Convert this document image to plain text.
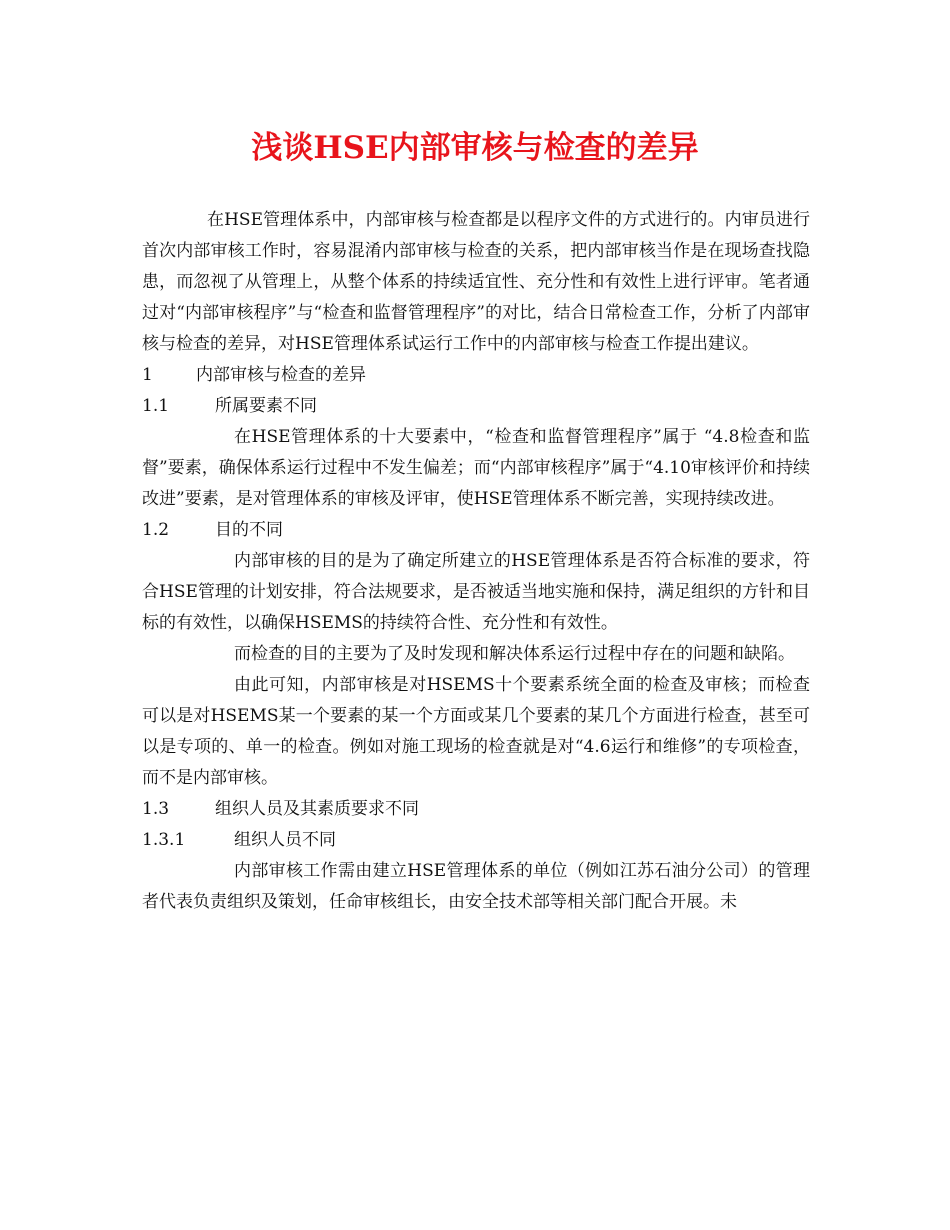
浅谈HSE内部审核与检查的差异

在HSE管理体系中，内部审核与检查都是以程序文件的方式进行的。内审员进行首次内部审核工作时，容易混淆内部审核与检查的关系，把内部审核当作是在现场查找隐患，而忽视了从管理上，从整个体系的持续适宜性、充分性和有效性上进行评审。笔者通过对“内部审核程序”与“检查和监督管理程序”的对比，结合日常检查工作，分析了内部审核与检查的差异，对HSE管理体系试运行工作中的内部审核与检查工作提出建议。

1	内部审核与检查的差异

1.1	所属要素不同

在HSE管理体系的十大要素中，“检查和监督管理程序”属于 “4.8检查和监督”要素，确保体系运行过程中不发生偏差；而“内部审核程序”属于“4.10审核评价和持续改进”要素，是对管理体系的审核及评审，使HSE管理体系不断完善，实现持续改进。

1.2	目的不同

内部审核的目的是为了确定所建立的HSE管理体系是否符合标准的要求，符合HSE管理的计划安排，符合法规要求，是否被适当地实施和保持，满足组织的方针和目标的有效性，以确保HSEMS的持续符合性、充分性和有效性。

而检查的目的主要为了及时发现和解决体系运行过程中存在的问题和缺陷。

由此可知，内部审核是对HSEMS十个要素系统全面的检查及审核；而检查可以是对HSEMS某一个要素的某一个方面或某几个要素的某几个方面进行检查，甚至可以是专项的、单一的检查。例如对施工现场的检查就是对“4.6运行和维修”的专项检查，而不是内部审核。

1.3	组织人员及其素质要求不同

1.3.1	组织人员不同

内部审核工作需由建立HSE管理体系的单位（例如江苏石油分公司）的管理者代表负责组织及策划，任命审核组长，由安全技术部等相关部门配合开展。未
